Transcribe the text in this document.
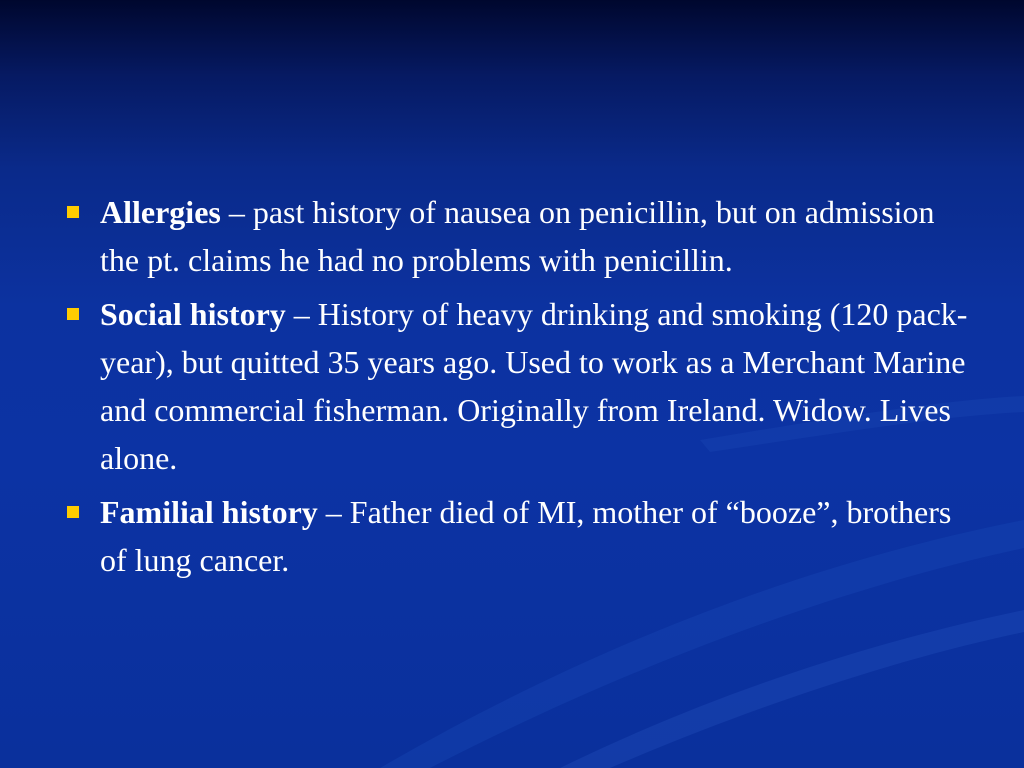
Allergies – past history of nausea on penicillin, but on admission the pt. claims he had no problems with penicillin.
Social history – History of heavy drinking and smoking (120 pack-year), but quitted 35 years ago. Used to work as a Merchant Marine and commercial fisherman. Originally from Ireland. Widow. Lives alone.
Familial history – Father died of MI, mother of “booze”, brothers of lung cancer.
